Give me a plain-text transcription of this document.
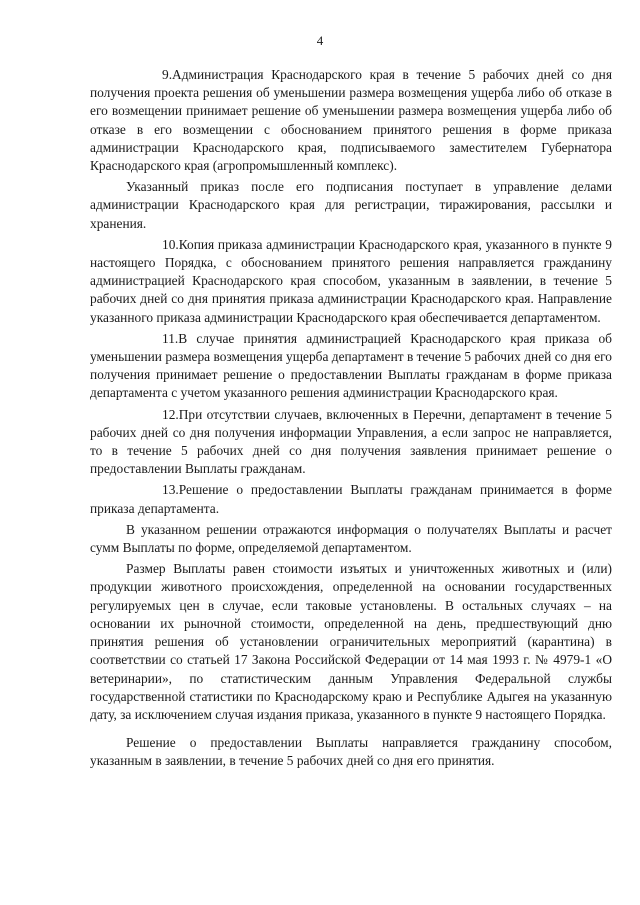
4

9.Администрация Краснодарского края в течение 5 рабочих дней со дня получения проекта решения об уменьшении размера возмещения ущерба либо об отказе в его возмещении принимает решение об уменьшении размера возмещения ущерба либо об отказе в его возмещении с обоснованием принятого решения в форме приказа администрации Краснодарского края, подписываемого заместителем Губернатора Краснодарского края (агропромышленный комплекс).

Указанный приказ после его подписания поступает в управление делами администрации Краснодарского края для регистрации, тиражирования, рассылки и хранения.

10.Копия приказа администрации Краснодарского края, указанного в пункте 9 настоящего Порядка, с обоснованием принятого решения направляется гражданину администрацией Краснодарского края способом, указанным в заявлении, в течение 5 рабочих дней со дня принятия приказа администрации Краснодарского края. Направление указанного приказа администрации Краснодарского края обеспечивается департаментом.

11.В случае принятия администрацией Краснодарского края приказа об уменьшении размера возмещения ущерба департамент в течение 5 рабочих дней со дня его получения принимает решение о предоставлении Выплаты гражданам в форме приказа департамента с учетом указанного решения администрации Краснодарского края.

12.При отсутствии случаев, включенных в Перечни, департамент в течение 5 рабочих дней со дня получения информации Управления, а если запрос не направляется, то в течение 5 рабочих дней со дня получения заявления принимает решение о предоставлении Выплаты гражданам.

13.Решение о предоставлении Выплаты гражданам принимается в форме приказа департамента.

В указанном решении отражаются информация о получателях Выплаты и расчет сумм Выплаты по форме, определяемой департаментом.

Размер Выплаты равен стоимости изъятых и уничтоженных животных и (или) продукции животного происхождения, определенной на основании государственных регулируемых цен в случае, если таковые установлены. В остальных случаях – на основании их рыночной стоимости, определенной на день, предшествующий дню принятия решения об установлении ограничительных мероприятий (карантина) в соответствии со статьей 17 Закона Российской Федерации от 14 мая 1993 г. № 4979-1 «О ветеринарии», по статистическим данным Управления Федеральной службы государственной статистики по Краснодарскому краю и Республике Адыгея на указанную дату, за исключением случая издания приказа, указанного в пункте 9 настоящего Порядка.

Решение о предоставлении Выплаты направляется гражданину способом, указанным в заявлении, в течение 5 рабочих дней со дня его принятия.
